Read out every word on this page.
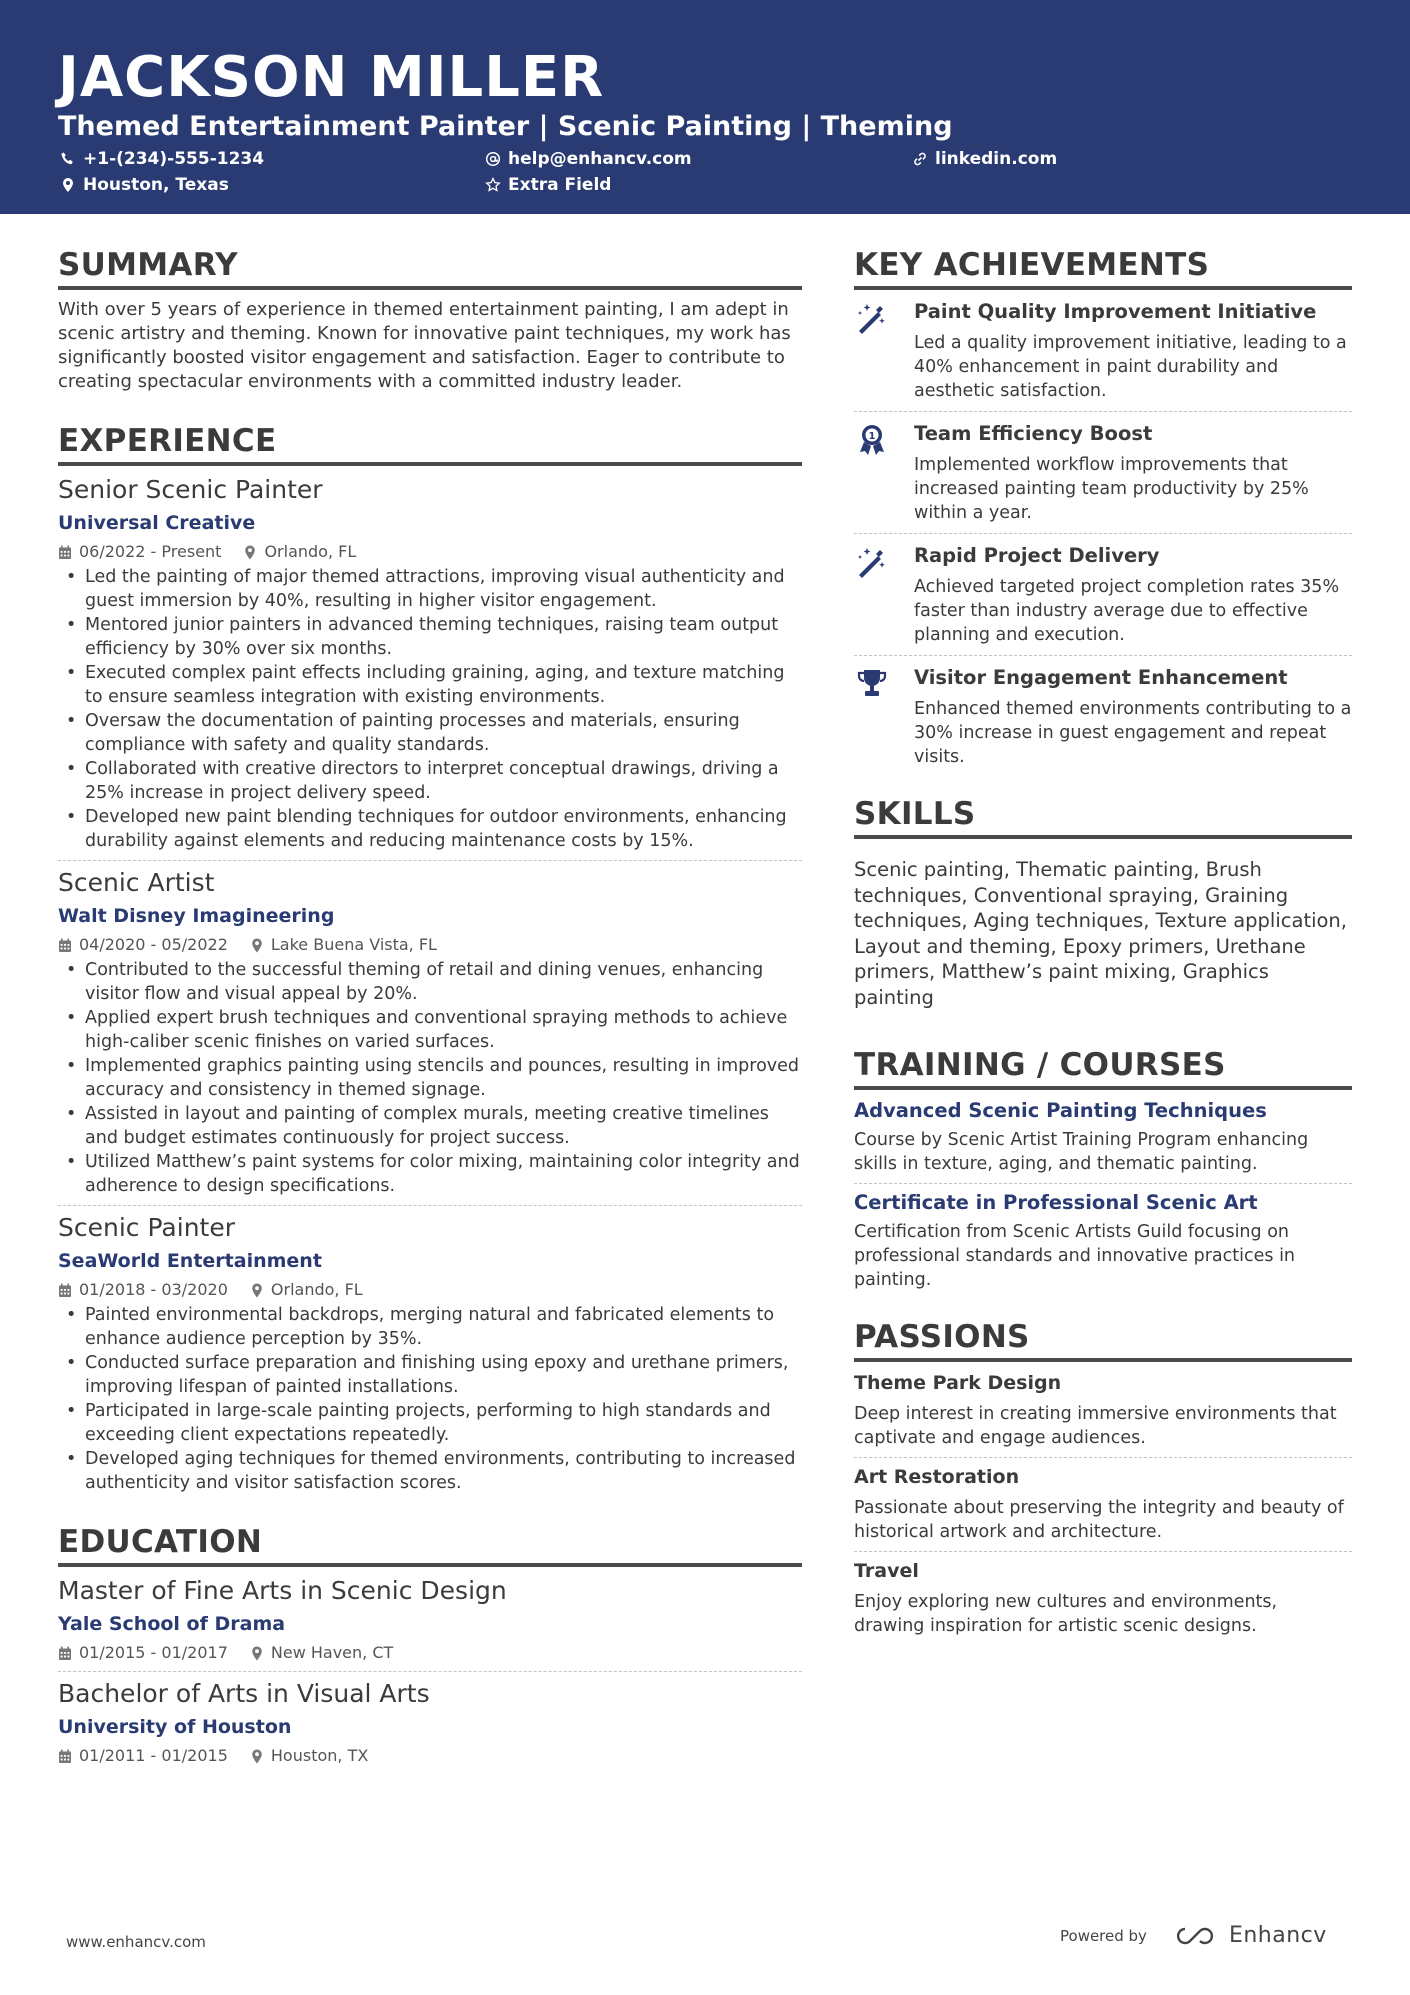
JACKSON MILLER
Themed Entertainment Painter | Scenic Painting | Theming
+1-(234)-555-1234	help@enhancv.com	linkedin.com
Houston, Texas	Extra Field
SUMMARY
With over 5 years of experience in themed entertainment painting, I am adept in scenic artistry and theming. Known for innovative paint techniques, my work has significantly boosted visitor engagement and satisfaction. Eager to contribute to creating spectacular environments with a committed industry leader.
EXPERIENCE
Senior Scenic Painter
Universal Creative
06/2022 - Present	Orlando, FL
• Led the painting of major themed attractions, improving visual authenticity and guest immersion by 40%, resulting in higher visitor engagement.
• Mentored junior painters in advanced theming techniques, raising team output efficiency by 30% over six months.
• Executed complex paint effects including graining, aging, and texture matching to ensure seamless integration with existing environments.
• Oversaw the documentation of painting processes and materials, ensuring compliance with safety and quality standards.
• Collaborated with creative directors to interpret conceptual drawings, driving a 25% increase in project delivery speed.
• Developed new paint blending techniques for outdoor environments, enhancing durability against elements and reducing maintenance costs by 15%.
Scenic Artist
Walt Disney Imagineering
04/2020 - 05/2022	Lake Buena Vista, FL
• Contributed to the successful theming of retail and dining venues, enhancing visitor flow and visual appeal by 20%.
• Applied expert brush techniques and conventional spraying methods to achieve high-caliber scenic finishes on varied surfaces.
• Implemented graphics painting using stencils and pounces, resulting in improved accuracy and consistency in themed signage.
• Assisted in layout and painting of complex murals, meeting creative timelines and budget estimates continuously for project success.
• Utilized Matthew’s paint systems for color mixing, maintaining color integrity and adherence to design specifications.
Scenic Painter
SeaWorld Entertainment
01/2018 - 03/2020	Orlando, FL
• Painted environmental backdrops, merging natural and fabricated elements to enhance audience perception by 35%.
• Conducted surface preparation and finishing using epoxy and urethane primers, improving lifespan of painted installations.
• Participated in large-scale painting projects, performing to high standards and exceeding client expectations repeatedly.
• Developed aging techniques for themed environments, contributing to increased authenticity and visitor satisfaction scores.
EDUCATION
Master of Fine Arts in Scenic Design
Yale School of Drama
01/2015 - 01/2017	New Haven, CT
Bachelor of Arts in Visual Arts
University of Houston
01/2011 - 01/2015	Houston, TX
KEY ACHIEVEMENTS
Paint Quality Improvement Initiative
Led a quality improvement initiative, leading to a 40% enhancement in paint durability and aesthetic satisfaction.
1 Team Efficiency Boost
Implemented workflow improvements that increased painting team productivity by 25% within a year.
Rapid Project Delivery
Achieved targeted project completion rates 35% faster than industry average due to effective planning and execution.
Visitor Engagement Enhancement
Enhanced themed environments contributing to a 30% increase in guest engagement and repeat visits.
SKILLS
Scenic painting, Thematic painting, Brush techniques, Conventional spraying, Graining techniques, Aging techniques, Texture application, Layout and theming, Epoxy primers, Urethane primers, Matthew’s paint mixing, Graphics painting
TRAINING / COURSES
Advanced Scenic Painting Techniques
Course by Scenic Artist Training Program enhancing skills in texture, aging, and thematic painting.
Certificate in Professional Scenic Art
Certification from Scenic Artists Guild focusing on professional standards and innovative practices in painting.
PASSIONS
Theme Park Design
Deep interest in creating immersive environments that captivate and engage audiences.
Art Restoration
Passionate about preserving the integrity and beauty of historical artwork and architecture.
Travel
Enjoy exploring new cultures and environments, drawing inspiration for artistic scenic designs.
www.enhancv.com	Powered by	Enhancv
